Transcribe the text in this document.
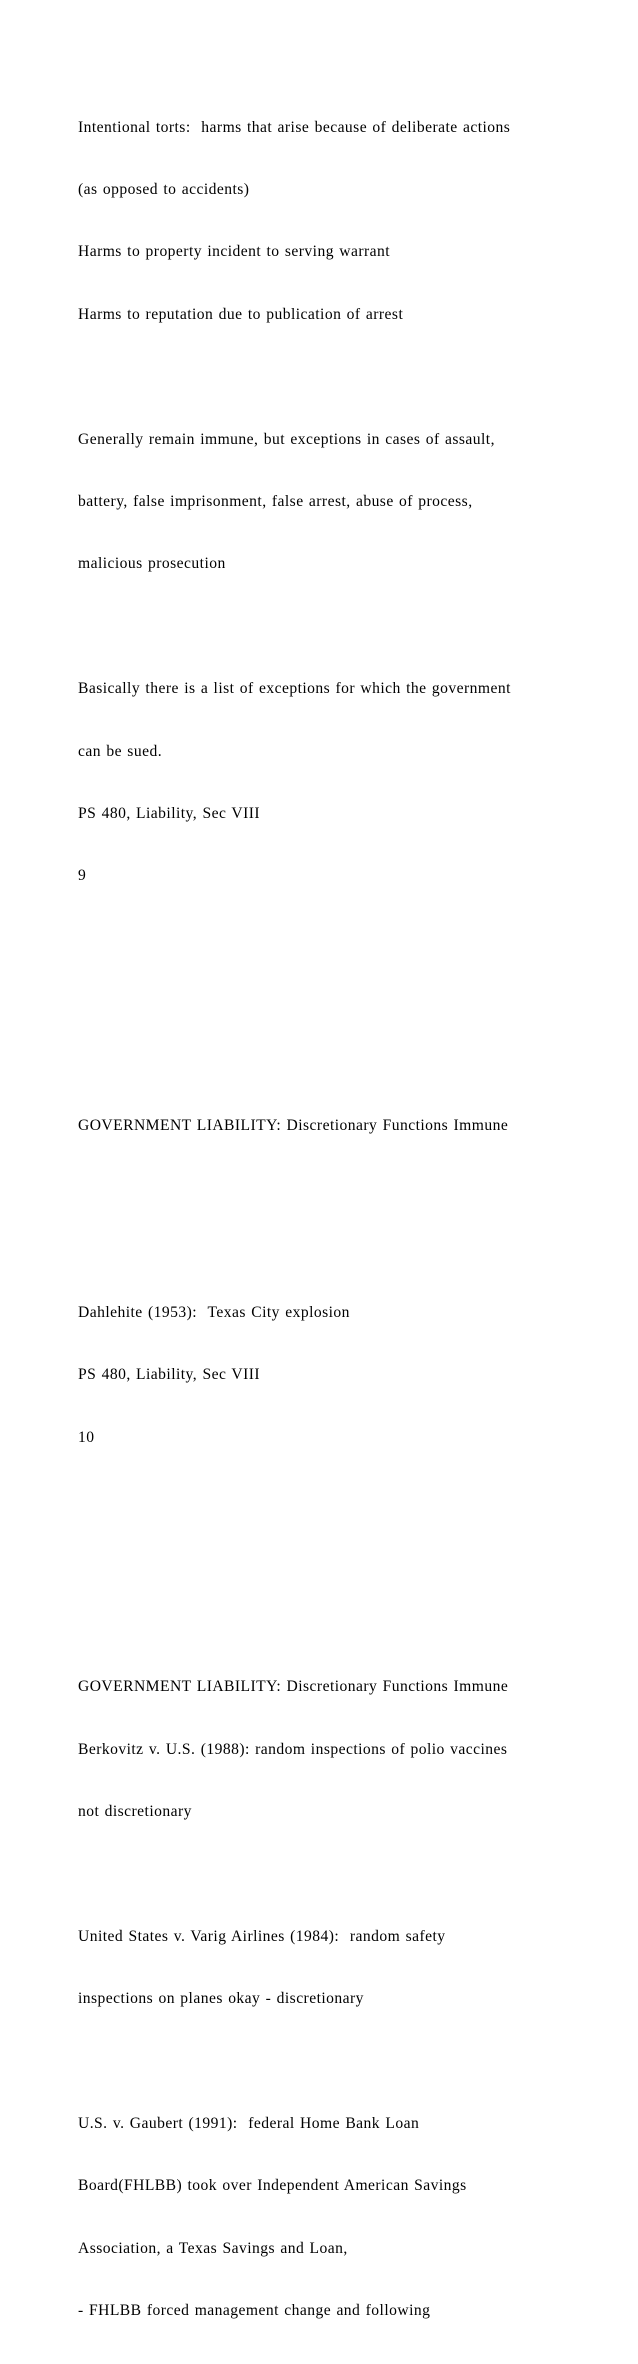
Intentional torts:  harms that arise because of deliberate actions

(as opposed to accidents)

Harms to property incident to serving warrant

Harms to reputation due to publication of arrest

Generally remain immune, but exceptions in cases of assault,

battery, false imprisonment, false arrest, abuse of process,

malicious prosecution

Basically there is a list of exceptions for which the government

can be sued.

PS 480, Liability, Sec VIII

9

GOVERNMENT LIABILITY: Discretionary Functions Immune

Dahlehite (1953):  Texas City explosion

PS 480, Liability, Sec VIII

10

GOVERNMENT LIABILITY: Discretionary Functions Immune

Berkovitz v. U.S. (1988): random inspections of polio vaccines

not discretionary

United States v. Varig Airlines (1984):  random safety

inspections on planes okay - discretionary

U.S. v. Gaubert (1991):  federal Home Bank Loan

Board(FHLBB) took over Independent American Savings

Association, a Texas Savings and Loan,

- FHLBB forced management change and following
